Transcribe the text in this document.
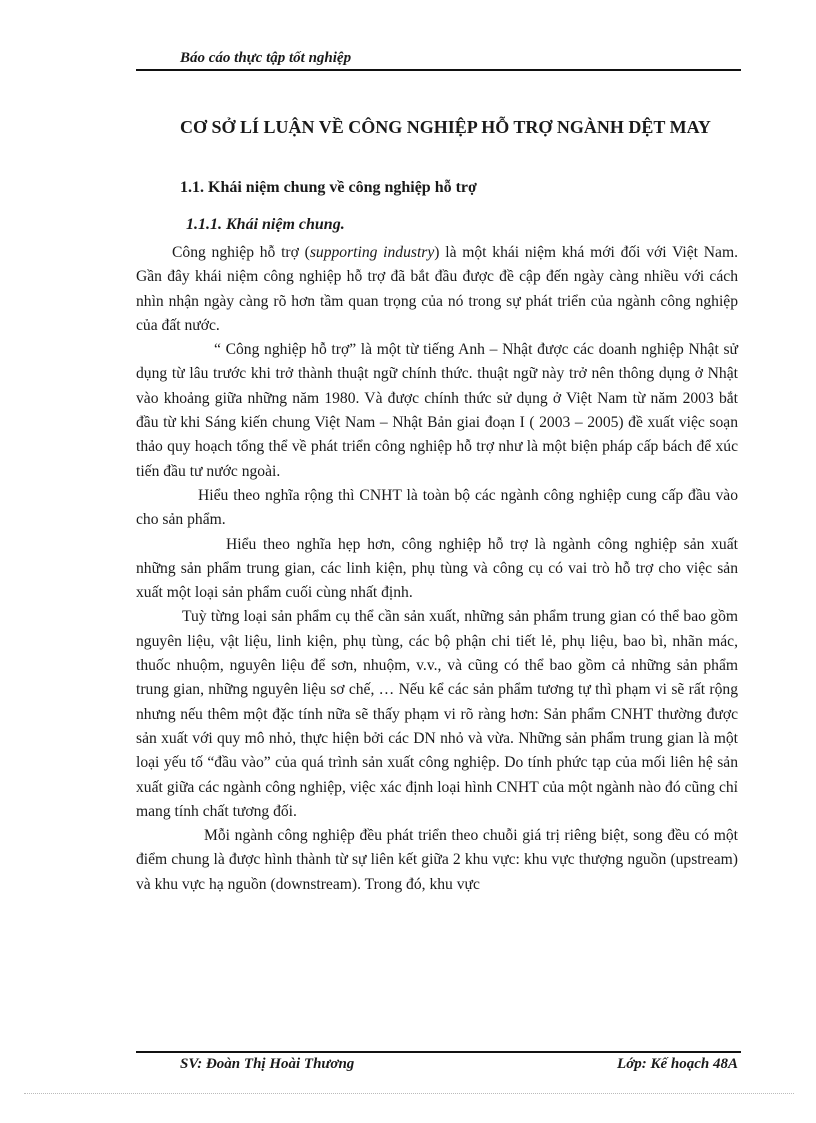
Báo cáo thực tập tốt nghiệp
CƠ SỞ LÍ LUẬN VỀ CÔNG NGHIỆP HỖ TRỢ NGÀNH DỆT MAY
1.1. Khái niệm chung về công nghiệp hỗ trợ
1.1.1. Khái niệm chung.

Công nghiệp hỗ trợ (supporting industry) là một khái niệm khá mới đối với Việt Nam. Gần đây khái niệm công nghiệp hỗ trợ đã bắt đầu được đề cập đến ngày càng nhiều với cách nhìn nhận ngày càng rõ hơn tầm quan trọng của nó trong sự phát triển của ngành công nghiệp của đất nước.

“ Công nghiệp hỗ trợ” là một từ tiếng Anh – Nhật được các doanh nghiệp Nhật sử dụng từ lâu trước khi trở thành thuật ngữ chính thức. thuật ngữ này trở nên thông dụng ở Nhật vào khoảng giữa những năm 1980. Và được chính thức sử dụng ở Việt Nam từ năm 2003 bắt đầu từ khi Sáng kiến chung Việt Nam – Nhật Bản giai đoạn I ( 2003 – 2005) đề xuất việc soạn thảo quy hoạch tổng thể về phát triển công nghiệp hỗ trợ như là một biện pháp cấp bách để xúc tiến đầu tư nước ngoài.

Hiểu theo nghĩa rộng thì CNHT là toàn bộ các ngành công nghiệp cung cấp đầu vào cho sản phẩm.

Hiểu theo nghĩa hẹp hơn, công nghiệp hỗ trợ là ngành công nghiệp sản xuất những sản phẩm trung gian, các linh kiện, phụ tùng và công cụ có vai trò hỗ trợ cho việc sản xuất một loại sản phẩm cuối cùng nhất định.

Tuỳ từng loại sản phẩm cụ thể cần sản xuất, những sản phẩm trung gian có thể bao gồm nguyên liệu, vật liệu, linh kiện, phụ tùng, các bộ phận chi tiết lẻ, phụ liệu, bao bì, nhãn mác, thuốc nhuộm, nguyên liệu để sơn, nhuộm, v.v., và cũng có thể bao gồm cả những sản phẩm trung gian, những nguyên liệu sơ chế, … Nếu kể các sản phẩm tương tự thì phạm vi sẽ rất rộng nhưng nếu thêm một đặc tính nữa sẽ thấy phạm vi rõ ràng hơn: Sản phẩm CNHT thường được sản xuất với quy mô nhỏ, thực hiện bởi các DN nhỏ và vừa. Những sản phẩm trung gian là một loại yếu tố “đầu vào” của quá trình sản xuất công nghiệp. Do tính phức tạp của mối liên hệ sản xuất giữa các ngành công nghiệp, việc xác định loại hình CNHT của một ngành nào đó cũng chỉ mang tính chất tương đối.

Mỗi ngành công nghiệp đều phát triển theo chuỗi giá trị riêng biệt, song đều có một điểm chung là được hình thành từ sự liên kết giữa 2 khu vực: khu vực thượng nguồn (upstream) và khu vực hạ nguồn (downstream). Trong đó, khu vực

SV: Đoàn Thị Hoài Thương	Lớp: Kế hoạch 48A
